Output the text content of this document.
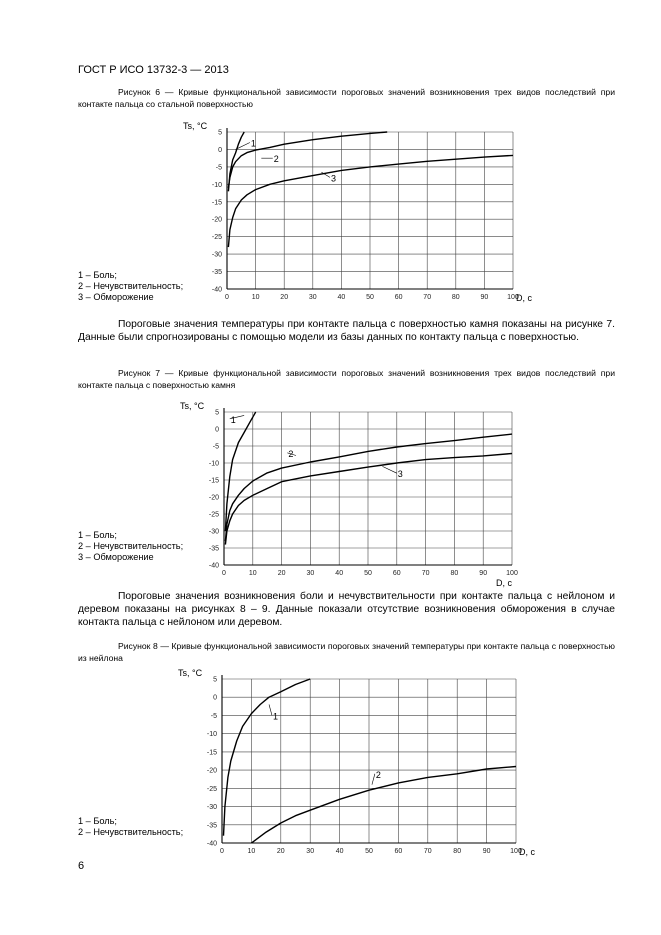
ГОСТ Р ИСО 13732-3 — 2013
Рисунок 6 — Кривые функциональной зависимости пороговых значений возникновения трех видов последствий при контакте пальца со стальной поверхностью
0	10	20	30	40	50	60	70	80	90	100
5
0
-5
-10
-15
-20
-25
-30
-35
-40
Ts, °C
D, c
1
2
3
1 – Боль;
2 – Нечувствительность;
3 – Обморожение
Пороговые значения температуры при контакте пальца с поверхностью камня показаны на рисунке 7. Данные были спрогнозированы с помощью модели из базы данных по контакту пальца с поверхностью.
Рисунок 7 — Кривые функциональной зависимости пороговых значений возникновения трех видов последствий при контакте пальца с поверхностью камня
0	10	20	30	40	50	60	70	80	90	100
5
0
-5
-10
-15
-20
-25
-30
-35
-40
Ts, °C
D, c
1
2
3
1 – Боль;
2 – Нечувствительность;
3 – Обморожение
Пороговые значения возникновения боли и нечувствительности при контакте пальца с нейлоном и деревом показаны на рисунках 8 – 9. Данные показали отсутствие возникновения обморожения в случае контакта пальца с нейлоном или деревом.
Рисунок 8 — Кривые функциональной зависимости пороговых значений температуры при контакте пальца с поверхностью из нейлона
0	10	20	30	40	50	60	70	80	90	100
5
0
-5
-10
-15
-20
-25
-30
-35
-40
Ts, °C
D, c
1
2
1 – Боль;
2 – Нечувствительность;
6
